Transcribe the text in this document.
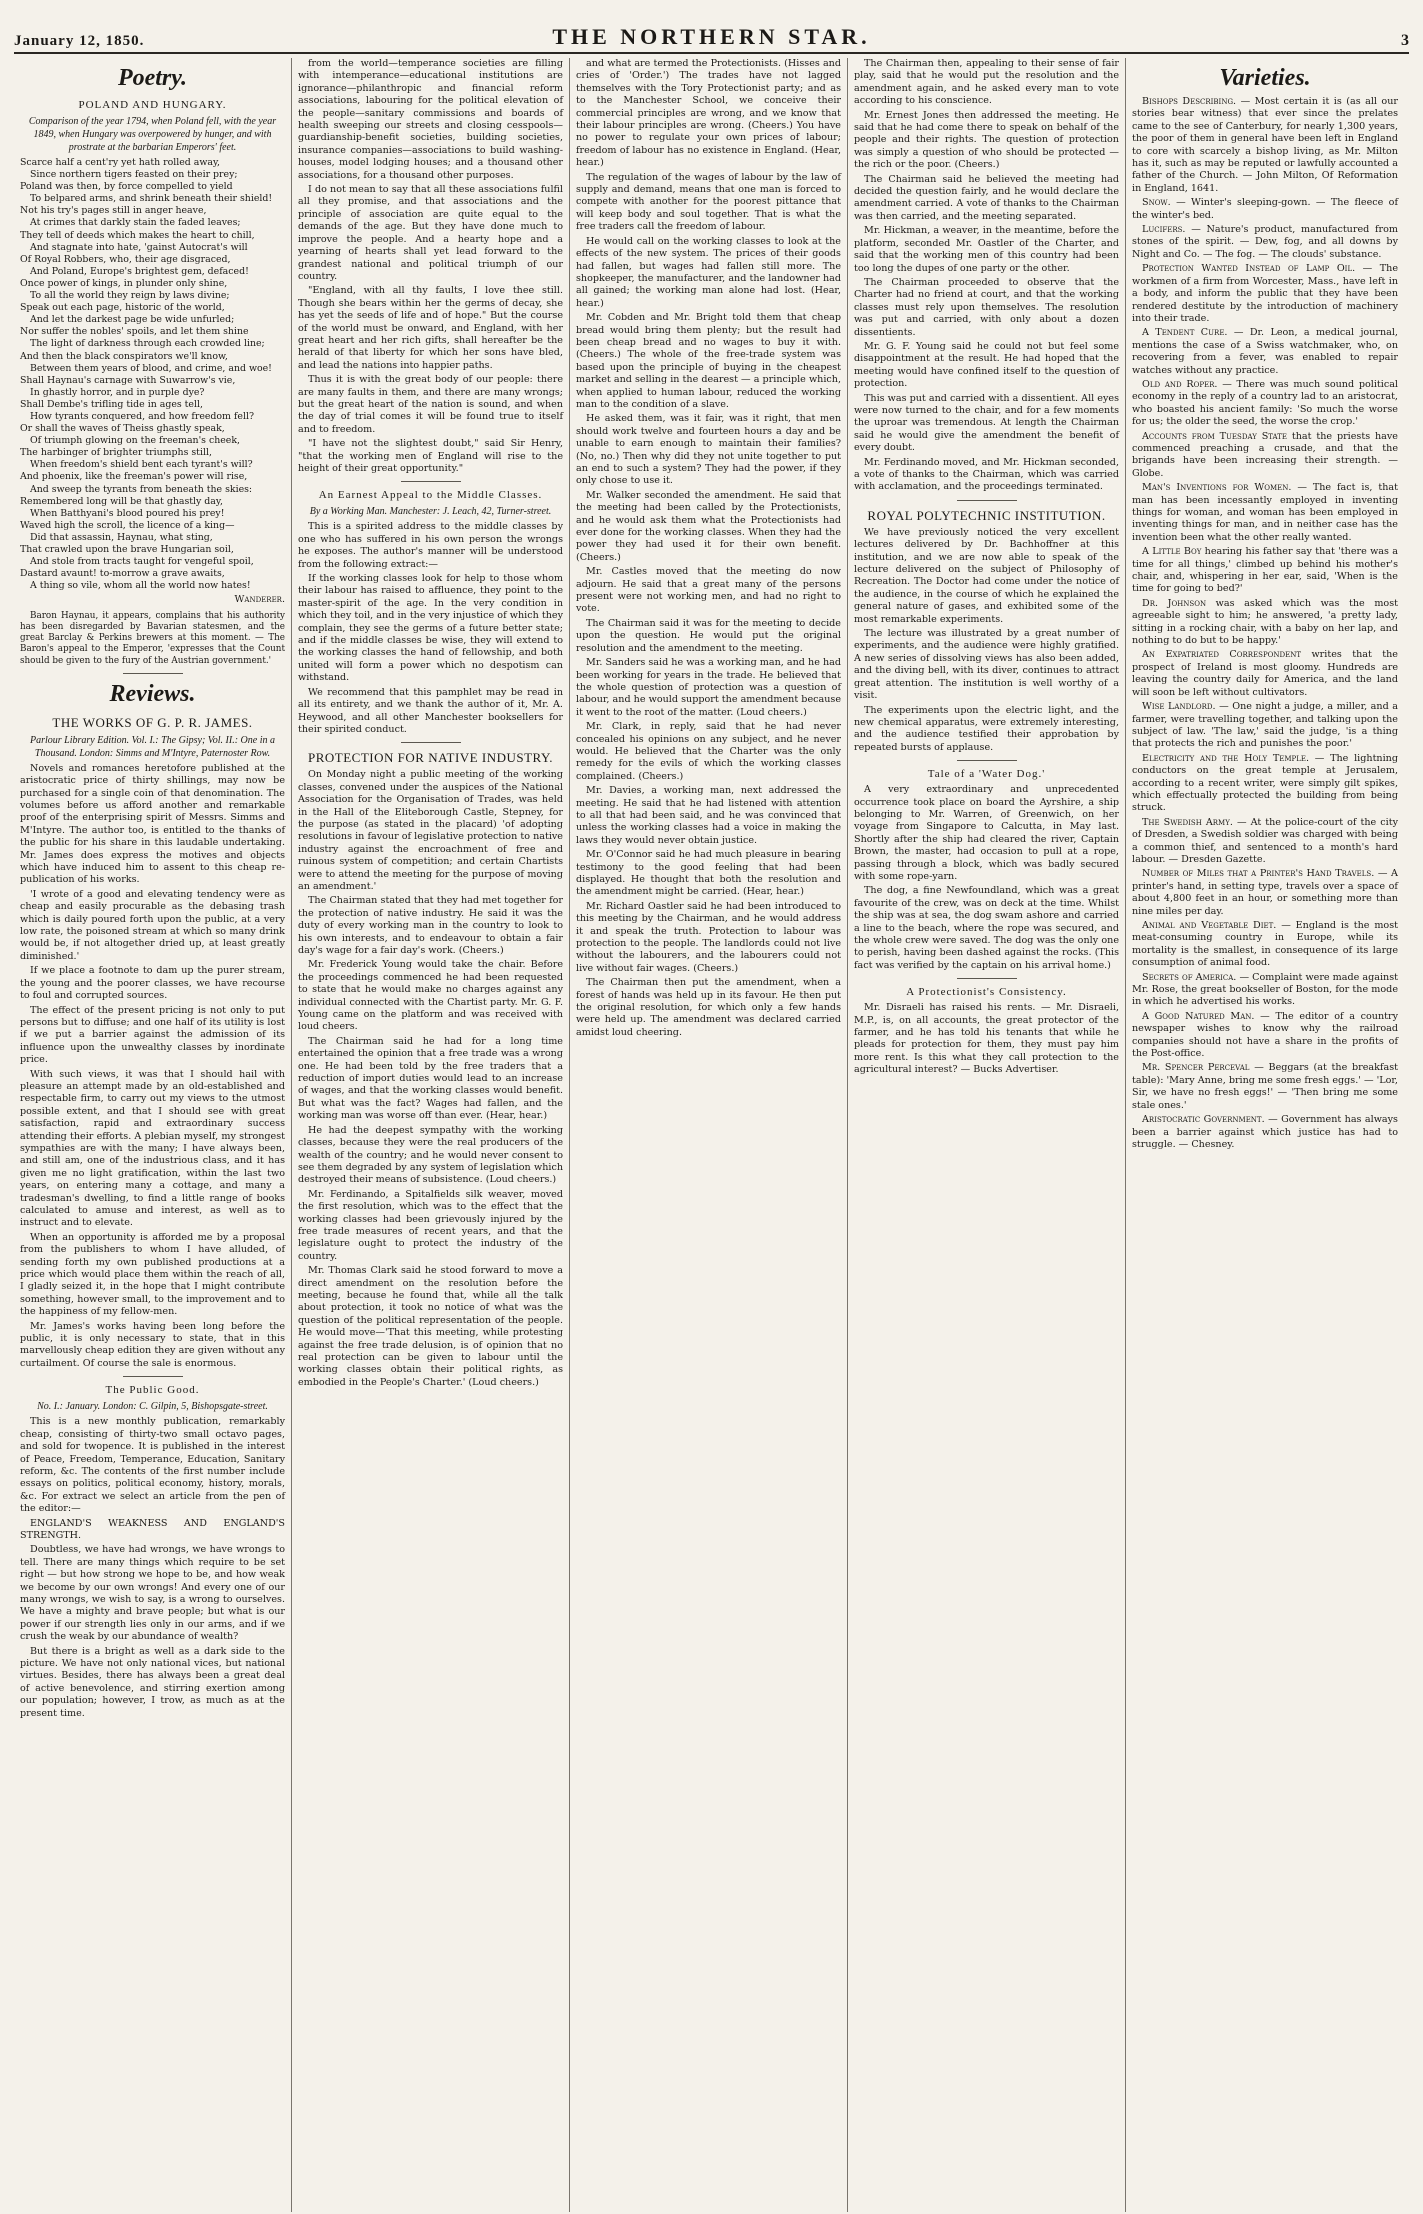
January 12, 1850.	THE NORTHERN STAR.	3
Poetry.
POLAND AND HUNGARY.
Comparison of the year 1794, when Poland fell, with the year 1849, when Hungary was overpowered by hunger, and with prostrate at the barbarian Emperors' feet.

Scarce half a cent'ry yet hath rolled away,

Since northern tigers feasted on their prey;

Poland was then, by force compelled to yield

To belpared arms, and shrink beneath their shield!

Not his try's pages still in anger heave,

At crimes that darkly stain the faded leaves;

They tell of deeds which makes the heart to chill,

And stagnate into hate, 'gainst Autocrat's will

Of Royal Robbers, who, their age disgraced,

And Poland, Europe's brightest gem, defaced!

Once power of kings, in plunder only shine,

To all the world they reign by laws divine;

Speak out each page, historic of the world,

And let the darkest page be wide unfurled;

Nor suffer the nobles' spoils, and let them shine

The light of darkness through each crowded line;

And then the black conspirators we'll know,

Between them years of blood, and crime, and woe!

Shall Haynau's carnage with Suwarrow's vie,

In ghastly horror, and in purple dye?

Shall Dembe's trifling tide in ages tell,

How tyrants conquered, and how freedom fell?

Or shall the waves of Theiss ghastly speak,

Of triumph glowing on the freeman's cheek,

The harbinger of brighter triumphs still,

When freedom's shield bent each tyrant's will?

And phoenix, like the freeman's power will rise,

And sweep the tyrants from beneath the skies:

Remembered long will be that ghastly day,

When Batthyani's blood poured his prey!

Waved high the scroll, the licence of a king—

Did that assassin, Haynau, what sting,

That crawled upon the brave Hungarian soil,

And stole from tracts taught for vengeful spoil,

Dastard avaunt! to-morrow a grave awaits,

A thing so vile, whom all the world now hates!

Wanderer.

Baron Haynau, it appears, complains that his authority has been disregarded by Bavarian statesmen, and the great Barclay & Perkins brewers at this moment. — The Baron's appeal to the Emperor, 'expresses that the Count should be given to the fury of the Austrian government.'

Reviews.
THE WORKS OF G. P. R. JAMES.
Parlour Library Edition. Vol. I.: The Gipsy; Vol. II.: One in a Thousand. London: Simms and M'Intyre, Paternoster Row.

Novels and romances heretofore published at the aristocratic price of thirty shillings, may now be purchased for a single coin of that denomination. The volumes before us afford another and remarkable proof of the enterprising spirit of Messrs. Simms and M'Intyre. The author too, is entitled to the thanks of the public for his share in this laudable undertaking. Mr. James does express the motives and objects which have induced him to assent to this cheap re-publication of his works.

'I wrote of a good and elevating tendency were as cheap and easily procurable as the debasing trash which is daily poured forth upon the public, at a very low rate, the poisoned stream at which so many drink would be, if not altogether dried up, at least greatly diminished.'

If we place a footnote to dam up the purer stream, the young and the poorer classes, we have recourse to foul and corrupted sources.

The effect of the present pricing is not only to put persons but to diffuse; and one half of its utility is lost if we put a barrier against the admission of its influence upon the unwealthy classes by inordinate price.

With such views, it was that I should hail with pleasure an attempt made by an old-established and respectable firm, to carry out my views to the utmost possible extent, and that I should see with great satisfaction, rapid and extraordinary success attending their efforts. A plebian myself, my strongest sympathies are with the many; I have always been, and still am, one of the industrious class, and it has given me no light gratification, within the last two years, on entering many a cottage, and many a tradesman's dwelling, to find a little range of books calculated to amuse and interest, as well as to instruct and to elevate.

When an opportunity is afforded me by a proposal from the publishers to whom I have alluded, of sending forth my own published productions at a price which would place them within the reach of all, I gladly seized it, in the hope that I might contribute something, however small, to the improvement and to the happiness of my fellow-men.

Mr. James's works having been long before the public, it is only necessary to state, that in this marvellously cheap edition they are given without any curtailment. Of course the sale is enormous.

The Public Good.
No. I.: January. London: C. Gilpin, 5, Bishopsgate-street.

This is a new monthly publication, remarkably cheap, consisting of thirty-two small octavo pages, and sold for twopence. It is published in the interest of Peace, Freedom, Temperance, Education, Sanitary reform, &c. The contents of the first number include essays on politics, political economy, history, morals, &c. For extract we select an article from the pen of the editor:—

ENGLAND'S WEAKNESS AND ENGLAND'S STRENGTH.

Doubtless, we have had wrongs, we have wrongs to tell. There are many things which require to be set right — but how strong we hope to be, and how weak we become by our own wrongs! And every one of our many wrongs, we wish to say, is a wrong to ourselves. We have a mighty and brave people; but what is our power if our strength lies only in our arms, and if we crush the weak by our abundance of wealth?

But there is a bright as well as a dark side to the picture. We have not only national vices, but national virtues. Besides, there has always been a great deal of active benevolence, and stirring exertion among our population; however, I trow, as much as at the present time.

from the world—temperance societies are filling with intemperance—educational institutions are ignorance—philanthropic and financial reform associations, labouring for the political elevation of the people—sanitary commissions and boards of health sweeping our streets and closing cesspools—guardianship-benefit societies, building societies, insurance companies—associations to build washing-houses, model lodging houses; and a thousand other associations, for a thousand other purposes.

I do not mean to say that all these associations fulfil all they promise, and that associations and the principle of association are quite equal to the demands of the age. But they have done much to improve the people. And a hearty hope and a yearning of hearts shall yet lead forward to the grandest national and political triumph of our country.

"England, with all thy faults, I love thee still. Though she bears within her the germs of decay, she has yet the seeds of life and of hope." But the course of the world must be onward, and England, with her great heart and her rich gifts, shall hereafter be the herald of that liberty for which her sons have bled, and lead the nations into happier paths.

Thus it is with the great body of our people: there are many faults in them, and there are many wrongs; but the great heart of the nation is sound, and when the day of trial comes it will be found true to itself and to freedom.

"I have not the slightest doubt," said Sir Henry, "that the working men of England will rise to the height of their great opportunity."

An Earnest Appeal to the Middle Classes.
By a Working Man. Manchester: J. Leach, 42, Turner-street.

This is a spirited address to the middle classes by one who has suffered in his own person the wrongs he exposes. The author's manner will be understood from the following extract:—

If the working classes look for help to those whom their labour has raised to affluence, they point to the master-spirit of the age. In the very condition in which they toil, and in the very injustice of which they complain, they see the germs of a future better state; and if the middle classes be wise, they will extend to the working classes the hand of fellowship, and both united will form a power which no despotism can withstand.

We recommend that this pamphlet may be read in all its entirety, and we thank the author of it, Mr. A. Heywood, and all other Manchester booksellers for their spirited conduct.

PROTECTION FOR NATIVE INDUSTRY.

On Monday night a public meeting of the working classes, convened under the auspices of the National Association for the Organisation of Trades, was held in the Hall of the Eliteborough Castle, Stepney, for the purpose (as stated in the placard) 'of adopting resolutions in favour of legislative protection to native industry against the encroachment of free and ruinous system of competition; and certain Chartists were to attend the meeting for the purpose of moving an amendment.'

The Chairman stated that they had met together for the protection of native industry. He said it was the duty of every working man in the country to look to his own interests, and to endeavour to obtain a fair day's wage for a fair day's work. (Cheers.)

Mr. Frederick Young would take the chair. Before the proceedings commenced he had been requested to state that he would make no charges against any individual connected with the Chartist party. Mr. G. F. Young came on the platform and was received with loud cheers.

The Chairman said he had for a long time entertained the opinion that a free trade was a wrong one. He had been told by the free traders that a reduction of import duties would lead to an increase of wages, and that the working classes would benefit. But what was the fact? Wages had fallen, and the working man was worse off than ever. (Hear, hear.)

He had the deepest sympathy with the working classes, because they were the real producers of the wealth of the country; and he would never consent to see them degraded by any system of legislation which destroyed their means of subsistence. (Loud cheers.)

Mr. Ferdinando, a Spitalfields silk weaver, moved the first resolution, which was to the effect that the working classes had been grievously injured by the free trade measures of recent years, and that the legislature ought to protect the industry of the country.

Mr. Thomas Clark said he stood forward to move a direct amendment on the resolution before the meeting, because he found that, while all the talk about protection, it took no notice of what was the question of the political representation of the people. He would move—'That this meeting, while protesting against the free trade delusion, is of opinion that no real protection can be given to labour until the working classes obtain their political rights, as embodied in the People's Charter.' (Loud cheers.)

and what are termed the Protectionists. (Hisses and cries of 'Order.') The trades have not lagged themselves with the Tory Protectionist party; and as to the Manchester School, we conceive their commercial principles are wrong, and we know that their labour principles are wrong. (Cheers.) You have no power to regulate your own prices of labour; freedom of labour has no existence in England. (Hear, hear.)

The regulation of the wages of labour by the law of supply and demand, means that one man is forced to compete with another for the poorest pittance that will keep body and soul together. That is what the free traders call the freedom of labour.

He would call on the working classes to look at the effects of the new system. The prices of their goods had fallen, but wages had fallen still more. The shopkeeper, the manufacturer, and the landowner had all gained; the working man alone had lost. (Hear, hear.)

Mr. Cobden and Mr. Bright told them that cheap bread would bring them plenty; but the result had been cheap bread and no wages to buy it with. (Cheers.) The whole of the free-trade system was based upon the principle of buying in the cheapest market and selling in the dearest — a principle which, when applied to human labour, reduced the working man to the condition of a slave.

He asked them, was it fair, was it right, that men should work twelve and fourteen hours a day and be unable to earn enough to maintain their families? (No, no.) Then why did they not unite together to put an end to such a system? They had the power, if they only chose to use it.

Mr. Walker seconded the amendment. He said that the meeting had been called by the Protectionists, and he would ask them what the Protectionists had ever done for the working classes. When they had the power they had used it for their own benefit. (Cheers.)

Mr. Castles moved that the meeting do now adjourn. He said that a great many of the persons present were not working men, and had no right to vote.

The Chairman said it was for the meeting to decide upon the question. He would put the original resolution and the amendment to the meeting.

Mr. Sanders said he was a working man, and he had been working for years in the trade. He believed that the whole question of protection was a question of labour, and he would support the amendment because it went to the root of the matter. (Loud cheers.)

Mr. Clark, in reply, said that he had never concealed his opinions on any subject, and he never would. He believed that the Charter was the only remedy for the evils of which the working classes complained. (Cheers.)

Mr. Davies, a working man, next addressed the meeting. He said that he had listened with attention to all that had been said, and he was convinced that unless the working classes had a voice in making the laws they would never obtain justice.

Mr. O'Connor said he had much pleasure in bearing testimony to the good feeling that had been displayed. He thought that both the resolution and the amendment might be carried. (Hear, hear.)

Mr. Richard Oastler said he had been introduced to this meeting by the Chairman, and he would address it and speak the truth. Protection to labour was protection to the people. The landlords could not live without the labourers, and the labourers could not live without fair wages. (Cheers.)

The Chairman then put the amendment, when a forest of hands was held up in its favour. He then put the original resolution, for which only a few hands were held up. The amendment was declared carried amidst loud cheering.

The Chairman then, appealing to their sense of fair play, said that he would put the resolution and the amendment again, and he asked every man to vote according to his conscience.

Mr. Ernest Jones then addressed the meeting. He said that he had come there to speak on behalf of the people and their rights. The question of protection was simply a question of who should be protected — the rich or the poor. (Cheers.)

The Chairman said he believed the meeting had decided the question fairly, and he would declare the amendment carried. A vote of thanks to the Chairman was then carried, and the meeting separated.

Mr. Hickman, a weaver, in the meantime, before the platform, seconded Mr. Oastler of the Charter, and said that the working men of this country had been too long the dupes of one party or the other.

The Chairman proceeded to observe that the Charter had no friend at court, and that the working classes must rely upon themselves. The resolution was put and carried, with only about a dozen dissentients.

Mr. G. F. Young said he could not but feel some disappointment at the result. He had hoped that the meeting would have confined itself to the question of protection.

This was put and carried with a dissentient. All eyes were now turned to the chair, and for a few moments the uproar was tremendous. At length the Chairman said he would give the amendment the benefit of every doubt.

Mr. Ferdinando moved, and Mr. Hickman seconded, a vote of thanks to the Chairman, which was carried with acclamation, and the proceedings terminated.

ROYAL POLYTECHNIC INSTITUTION.

We have previously noticed the very excellent lectures delivered by Dr. Bachhoffner at this institution, and we are now able to speak of the lecture delivered on the subject of Philosophy of Recreation. The Doctor had come under the notice of the audience, in the course of which he explained the general nature of gases, and exhibited some of the most remarkable experiments.

The lecture was illustrated by a great number of experiments, and the audience were highly gratified. A new series of dissolving views has also been added, and the diving bell, with its diver, continues to attract great attention. The institution is well worthy of a visit.

The experiments upon the electric light, and the new chemical apparatus, were extremely interesting, and the audience testified their approbation by repeated bursts of applause.

Tale of a 'Water Dog.'

A very extraordinary and unprecedented occurrence took place on board the Ayrshire, a ship belonging to Mr. Warren, of Greenwich, on her voyage from Singapore to Calcutta, in May last. Shortly after the ship had cleared the river, Captain Brown, the master, had occasion to pull at a rope, passing through a block, which was badly secured with some rope-yarn.

The dog, a fine Newfoundland, which was a great favourite of the crew, was on deck at the time. Whilst the ship was at sea, the dog swam ashore and carried a line to the beach, where the rope was secured, and the whole crew were saved. The dog was the only one to perish, having been dashed against the rocks. (This fact was verified by the captain on his arrival home.)

A Protectionist's Consistency.

Mr. Disraeli has raised his rents. — Mr. Disraeli, M.P., is, on all accounts, the great protector of the farmer, and he has told his tenants that while he pleads for protection for them, they must pay him more rent. Is this what they call protection to the agricultural interest? — Bucks Advertiser.

Varieties.

Bishops Describing. — Most certain it is (as all our stories bear witness) that ever since the prelates came to the see of Canterbury, for nearly 1,300 years, the poor of them in general have been left in England to core with scarcely a bishop living, as Mr. Milton has it, such as may be reputed or lawfully accounted a father of the Church. — John Milton, Of Reformation in England, 1641.

Snow. — Winter's sleeping-gown. — The fleece of the winter's bed.

Lucifers. — Nature's product, manufactured from stones of the spirit. — Dew, fog, and all downs by Night and Co. — The fog. — The clouds' substance.

Protection Wanted Instead of Lamp Oil. — The workmen of a firm from Worcester, Mass., have left in a body, and inform the public that they have been rendered destitute by the introduction of machinery into their trade.

A Tendent Cure. — Dr. Leon, a medical journal, mentions the case of a Swiss watchmaker, who, on recovering from a fever, was enabled to repair watches without any practice.

Old and Roper. — There was much sound political economy in the reply of a country lad to an aristocrat, who boasted his ancient family: 'So much the worse for us; the older the seed, the worse the crop.'

Accounts from Tuesday State that the priests have commenced preaching a crusade, and that the brigands have been increasing their strength. — Globe.

Man's Inventions for Women. — The fact is, that man has been incessantly employed in inventing things for woman, and woman has been employed in inventing things for man, and in neither case has the invention been what the other really wanted.

A Little Boy hearing his father say that 'there was a time for all things,' climbed up behind his mother's chair, and, whispering in her ear, said, 'When is the time for going to bed?'

Dr. Johnson was asked which was the most agreeable sight to him; he answered, 'a pretty lady, sitting in a rocking chair, with a baby on her lap, and nothing to do but to be happy.'

An Expatriated Correspondent writes that the prospect of Ireland is most gloomy. Hundreds are leaving the country daily for America, and the land will soon be left without cultivators.

Wise Landlord. — One night a judge, a miller, and a farmer, were travelling together, and talking upon the subject of law. 'The law,' said the judge, 'is a thing that protects the rich and punishes the poor.'

Electricity and the Holy Temple. — The lightning conductors on the great temple at Jerusalem, according to a recent writer, were simply gilt spikes, which effectually protected the building from being struck.

The Swedish Army. — At the police-court of the city of Dresden, a Swedish soldier was charged with being a common thief, and sentenced to a month's hard labour. — Dresden Gazette.

Number of Miles that a Printer's Hand Travels. — A printer's hand, in setting type, travels over a space of about 4,800 feet in an hour, or something more than nine miles per day.

Animal and Vegetable Diet. — England is the most meat-consuming country in Europe, while its mortality is the smallest, in consequence of its large consumption of animal food.

Secrets of America. — Complaint were made against Mr. Rose, the great bookseller of Boston, for the mode in which he advertised his works.

A Good Natured Man. — The editor of a country newspaper wishes to know why the railroad companies should not have a share in the profits of the Post-office.

Mr. Spencer Perceval — Beggars (at the breakfast table): 'Mary Anne, bring me some fresh eggs.' — 'Lor, Sir, we have no fresh eggs!' — 'Then bring me some stale ones.'

Aristocratic Government. — Government has always been a barrier against which justice has had to struggle. — Chesney.
